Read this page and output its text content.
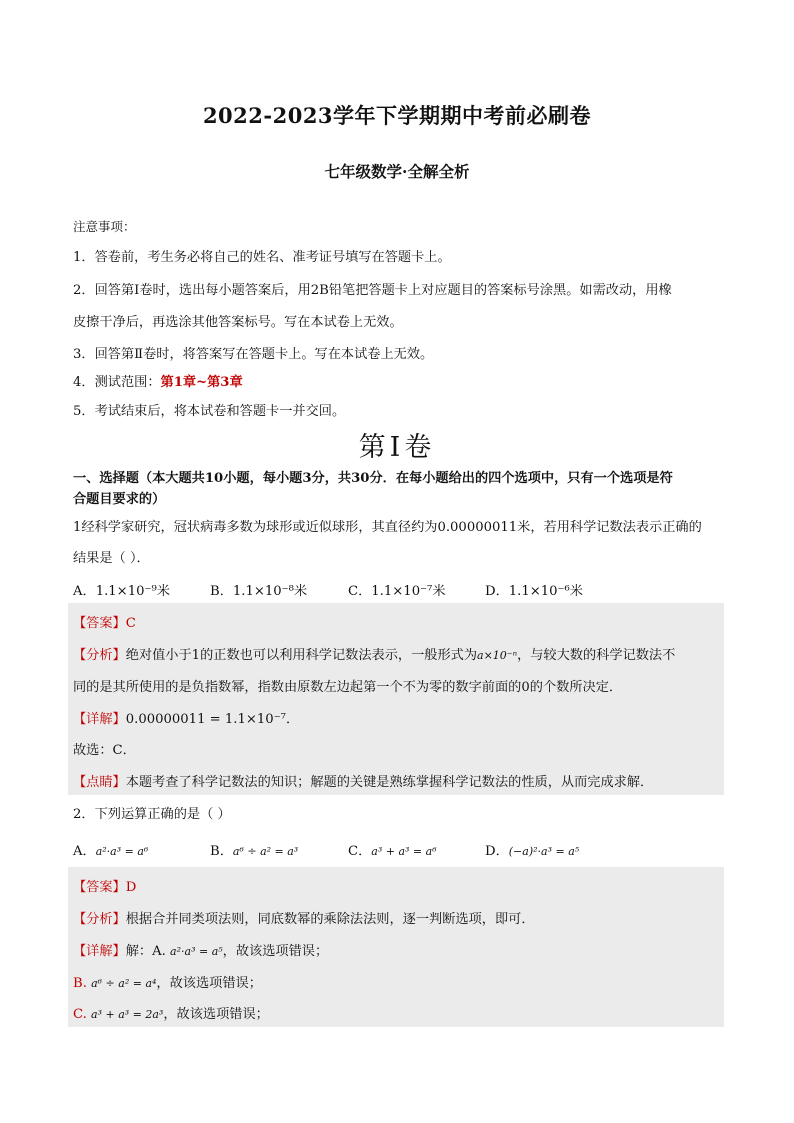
2022-2023学年下学期期中考前必刷卷
七年级数学·全解全析
注意事项：
1．答卷前，考生务必将自己的姓名、准考证号填写在答题卡上。
2．回答第Ⅰ卷时，选出每小题答案后，用2B铅笔把答题卡上对应题目的答案标号涂黑。如需改动，用橡
皮擦干净后，再选涂其他答案标号。写在本试卷上无效。
3．回答第Ⅱ卷时，将答案写在答题卡上。写在本试卷上无效。
4．测试范围：第1章~第3章
5．考试结束后，将本试卷和答题卡一并交回。
第Ⅰ卷
一、选择题（本大题共10小题，每小题3分，共30分．在每小题给出的四个选项中，只有一个选项是符
合题目要求的）
1经科学家研究，冠状病毒多数为球形或近似球形，其直径约为0.00000011米，若用科学记数法表示正确的
结果是（ ）．
A．1.1×10⁻⁹米	B．1.1×10⁻⁸米	C．1.1×10⁻⁷米	D．1.1×10⁻⁶米
【答案】C
【分析】绝对值小于1的正数也可以利用科学记数法表示，一般形式为a×10⁻ⁿ，与较大数的科学记数法不
同的是其所使用的是负指数幂，指数由原数左边起第一个不为零的数字前面的0的个数所决定．
【详解】0.00000011 = 1.1×10⁻⁷．
故选：C．
【点睛】本题考查了科学记数法的知识；解题的关键是熟练掌握科学记数法的性质，从而完成求解．
2．下列运算正确的是（ ）
A．a²·a³ = a⁶	B．a⁶ ÷ a² = a³	C．a³ + a³ = a⁶	D．(−a)²·a³ = a⁵
【答案】D
【分析】根据合并同类项法则，同底数幂的乘除法法则，逐一判断选项，即可．
【详解】解：A. a²·a³ = a⁵，故该选项错误；
B. a⁶ ÷ a² = a⁴，故该选项错误；
C. a³ + a³ = 2a³，故该选项错误；
